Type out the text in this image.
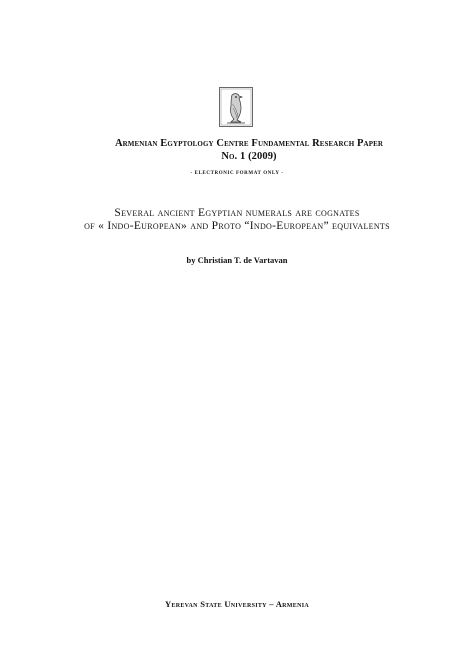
Armenian Egyptology Centre Fundamental Research Paper
No. 1 (2009)
- ELECTRONIC FORMAT ONLY -
Several ancient Egyptian numerals are cognates
of « Indo-European» and Proto “Indo-European” equivalents
by Christian T. de Vartavan
Yerevan State University – Armenia
